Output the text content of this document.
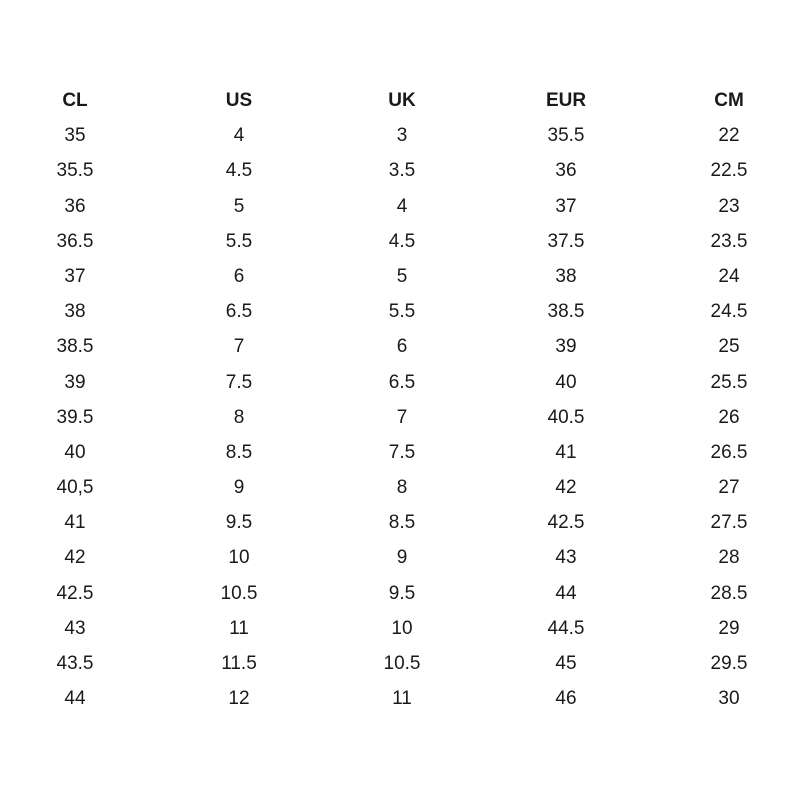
CL	US	UK	EUR	CM
35	4	3	35.5	22
35.5	4.5	3.5	36	22.5
36	5	4	37	23
36.5	5.5	4.5	37.5	23.5
37	6	5	38	24
38	6.5	5.5	38.5	24.5
38.5	7	6	39	25
39	7.5	6.5	40	25.5
39.5	8	7	40.5	26
40	8.5	7.5	41	26.5
40,5	9	8	42	27
41	9.5	8.5	42.5	27.5
42	10	9	43	28
42.5	10.5	9.5	44	28.5
43	11	10	44.5	29
43.5	11.5	10.5	45	29.5
44	12	11	46	30
